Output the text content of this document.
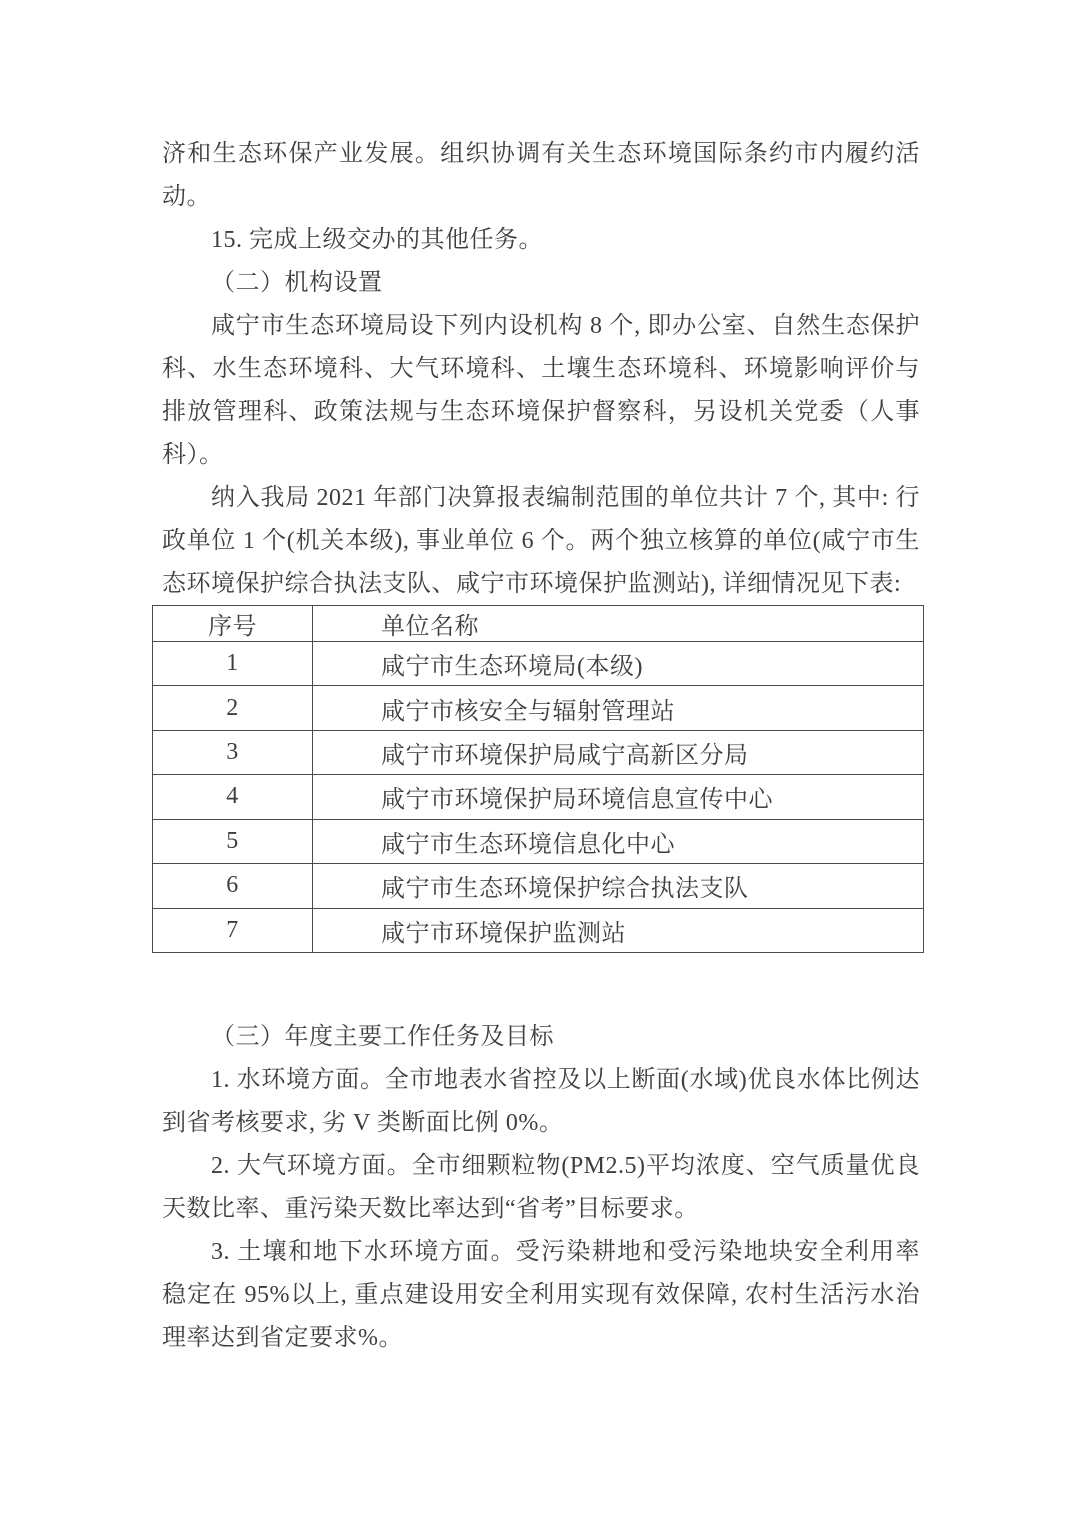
济和生态环保产业发展。组织协调有关生态环境国际条约市内履约活动。

15. 完成上级交办的其他任务。

（二）机构设置

咸宁市生态环境局设下列内设机构 8 个, 即办公室、自然生态保护科、水生态环境科、大气环境科、土壤生态环境科、环境影响评价与排放管理科、政策法规与生态环境保护督察科，另设机关党委（人事科）。

纳入我局 2021 年部门决算报表编制范围的单位共计 7 个, 其中: 行政单位 1 个(机关本级), 事业单位 6 个。两个独立核算的单位(咸宁市生态环境保护综合执法支队、咸宁市环境保护监测站), 详细情况见下表:

序号	单位名称
1	咸宁市生态环境局(本级)
2	咸宁市核安全与辐射管理站
3	咸宁市环境保护局咸宁高新区分局
4	咸宁市环境保护局环境信息宣传中心
5	咸宁市生态环境信息化中心
6	咸宁市生态环境保护综合执法支队
7	咸宁市环境保护监测站

（三）年度主要工作任务及目标

1. 水环境方面。全市地表水省控及以上断面(水域)优良水体比例达到省考核要求, 劣 V 类断面比例 0%。

2. 大气环境方面。全市细颗粒物(PM2.5)平均浓度、空气质量优良天数比率、重污染天数比率达到“省考”目标要求。

3. 土壤和地下水环境方面。受污染耕地和受污染地块安全利用率稳定在 95%以上, 重点建设用安全利用实现有效保障, 农村生活污水治理率达到省定要求%。
